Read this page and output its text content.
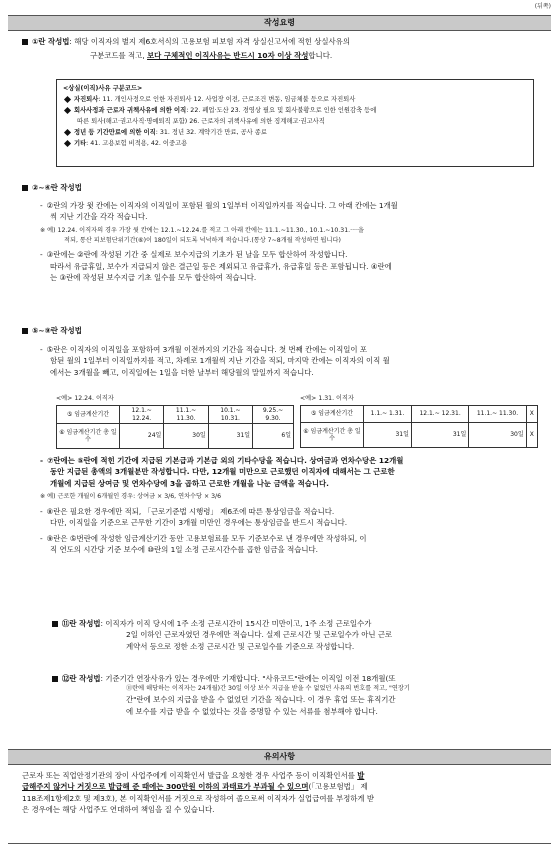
(뒤쪽)
작성요령
①란 작성법: 해당 이직자의 별지 제6호서식의 고용보험 피보험 자격 상실신고서에 적힌 상실사유의
구분코드를 적고, 보다 구체적인 이직사유는 반드시 10자 이상 작성합니다.
<상실(이직)사유 구분코드>
자진퇴사: 11. 개인사정으로 인한 자진퇴사 12. 사업장 이전, 근로조건 변동, 임금체불 등으로 자진퇴사
회사사정과 근로자 귀책사유에 의한 이직: 22. 폐업·도산 23. 경영상 필요 및 회사불황으로 인한 인원감축 등에
따른 퇴사(해고·권고사직·명예퇴직 포함) 26. 근로자의 귀책사유에 의한 징계해고·권고사직
정년 등 기간만료에 의한 이직: 31. 정년 32. 계약기간 만료, 공사 종료
기타: 41. 고용보험 비적용, 42. 이중고용
②~④란 작성법
- ②란의 가장 윗 칸에는 이직자의 이직일이 포함된 월의 1일부터 이직일까지를 적습니다. 그 아래 칸에는 1개월
씩 지난 기간을 각각 적습니다.
※ 예) 12.24. 이직자의 경우 가장 윗 칸에는 12.1.~12.24.를 적고 그 아래 칸에는 11.1.~11.30., 10.1.~10.31.····을
적되, 통산 피보험단위기간(⑥)이 180일이 되도록 넉넉하게 적습니다.(통상 7~8개월 작성하면 됩니다)
- ③란에는 ②란에 작성된 기간 중 실제로 보수지급의 기초가 된 날을 모두 합산하여 작성합니다.
따라서 유급휴일, 보수가 지급되지 않은 결근일 등은 제외되고 유급휴가, 유급휴일 등은 포함됩니다. ④란에
는 ③란에 작성된 보수지급 기초 일수를 모두 합산하여 적습니다.
⑤~⑨란 작성법
- ⑤란은 이직자의 이직일을 포함하여 3개월 이전까지의 기간을 적습니다. 첫 번째 칸에는 이직일이 포
함된 월의 1일부터 이직일까지를 적고, 차례로 1개월씩 지난 기간을 적되, 마지막 칸에는 이직자의 이직 월
에서는 3개월을 빼고, 이직일에는 1일을 더한 날부터 해당월의 말일까지 적습니다.
<예> 12.24. 이직자
⑤ 임금계산기간	12.1.~ 12.24.	11.1.~ 11.30.	10.1.~ 10.31.	9.25.~ 9.30.
⑥ 임금계산기간 총 일수	24일	30일	31일	6일
<예> 1.31. 이직자
⑤ 임금계산기간	1.1.~ 1.31.	12.1.~ 12.31.	11.1.~ 11.30.	X
⑥ 임금계산기간 총 일수	31일	31일	30일	X
- ⑦란에는 ⑤란에 적힌 기간에 지급된 기본급과 기본급 외의 기타수당을 적습니다. 상여금과 연차수당은 12개월
동안 지급된 총액의 3개월분만 작성합니다. 다만, 12개월 미만으로 근로했던 이직자에 대해서는 그 근로한
개월에 지급된 상여금 및 연차수당에 3을 곱하고 근로한 개월을 나눈 금액을 적습니다.
※ 예) 근로한 개월이 6개월인 경우: 상여금 × 3/6, 연차수당 × 3/6
- ⑧란은 필요한 경우에만 적되, 「근로기준법 시행령」 제6조에 따른 통상임금을 적습니다.
다만, 이직일을 기준으로 근무한 기간이 3개월 미만인 경우에는 통상임금을 반드시 적습니다.
- ⑨란은 ⑤번란에 작성한 임금계산기간 동안 고용보험료를 모두 기준보수로 낸 경우에만 작성하되, 이
직 연도의 시간당 기준 보수에 ⑩란의 1일 소정 근로시간수를 곱한 임금을 적습니다.
⑪란 작성법: 이직자가 이직 당시에 1주 소정 근로시간이 15시간 미만이고, 1주 소정 근로일수가
2일 이하인 근로자였던 경우에만 적습니다. 실제 근로시간 및 근로일수가 아닌 근로
계약서 등으로 정한 소정 근로시간 및 근로일수를 기준으로 작성합니다.
⑫란 작성법: 기준기간 연장사유가 있는 경우에만 기재합니다. "사유코드"란에는 이직일 이전 18개월(또
⑪란에 해당하는 이직자는 24개월)간 30일 이상 보수 지급을 받을 수 없었던 사유의 번호를 적고, "연장기
간"란에 보수의 지급을 받을 수 없었던 기간을 적습니다. 이 경우 휴업 또는 휴직기간
에 보수를 지급 받을 수 없었다는 것을 증명할 수 있는 서류를 첨부해야 합니다.
유의사항
근로자 또는 직업안정기관의 장이 사업주에게 이직확인서 발급을 요청한 경우 사업주 등이 이직확인서를 발
급해주지 않거나 거짓으로 발급해 준 때에는 300만원 이하의 과태료가 부과될 수 있으며(「고용보험법」 제
118조제1항제2호 및 제3호), 본 이직확인서를 거짓으로 작성하여 졸으로써 이직자가 실업급여를 부정하게 받
은 경우에는 해당 사업주도 연대하여 책임을 질 수 있습니다.
